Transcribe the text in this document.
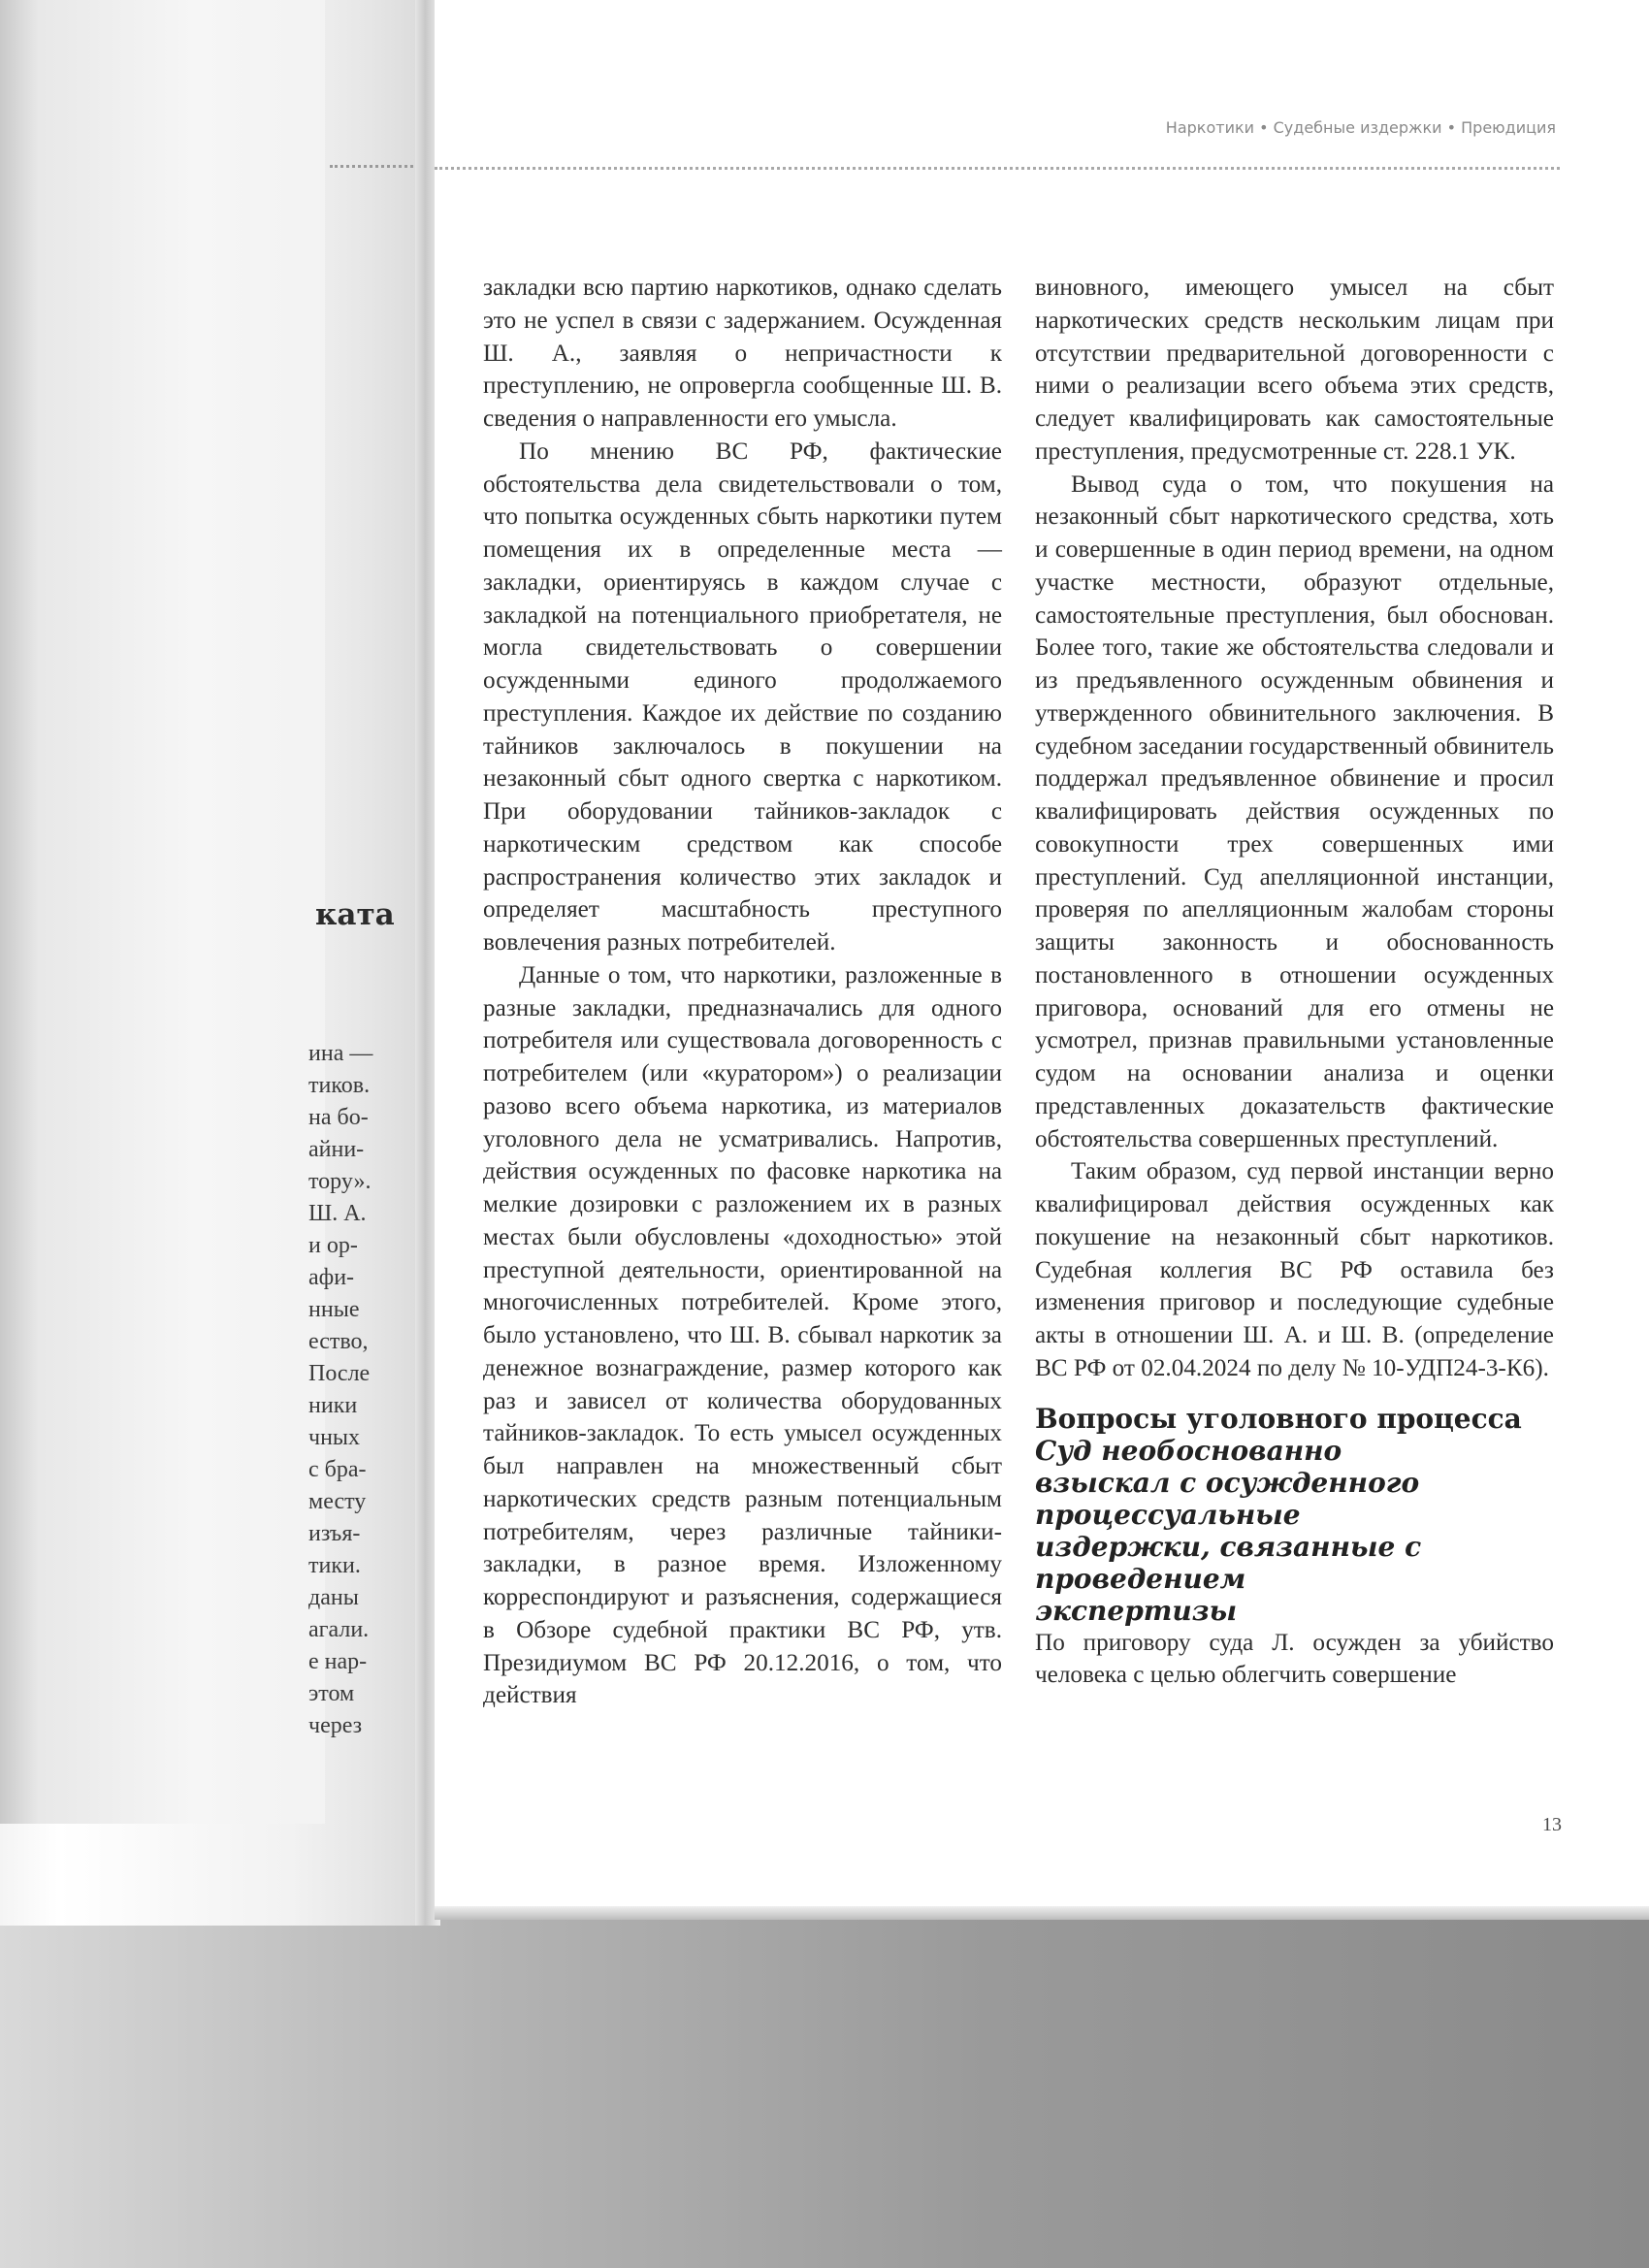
ката
ина —
тиков.
на бо-
айни-
тору».
Ш. А.
и ор-
афи-
нные
ество,
После
ники
чных
с бра-
месту
изъя-
тики.
даны
агали.
е нар-
этом
через
Наркотики • Судебные издержки • Преюдиция

закладки всю партию наркотиков, однако сделать это не успел в связи с задержанием. Осужденная Ш. А., заявляя о непричастности к преступлению, не опровергла сообщенные Ш. В. сведения о направленности его умысла.

По мнению ВС РФ, фактические обстоятельства дела свидетельствовали о том, что попытка осужденных сбыть наркотики путем помещения их в определенные места — закладки, ориентируясь в каждом случае с закладкой на потенциального приобретателя, не могла свидетельствовать о совершении осужденными единого продолжаемого преступления. Каждое их действие по созданию тайников заключалось в покушении на незаконный сбыт одного свертка с наркотиком. При оборудовании тайников-закладок с наркотическим средством как способе распространения количество этих закладок и определяет масштабность преступного вовлечения разных потребителей.

Данные о том, что наркотики, разложенные в разные закладки, предназначались для одного потребителя или существовала договоренность с потребителем (или «куратором») о реализации разово всего объема наркотика, из материалов уголовного дела не усматривались. Напротив, действия осужденных по фасовке наркотика на мелкие дозировки с разложением их в разных местах были обусловлены «доходностью» этой преступной деятельности, ориентированной на многочисленных потребителей. Кроме этого, было установлено, что Ш. В. сбывал наркотик за денежное вознаграждение, размер которого как раз и зависел от количества оборудованных тайников-закладок. То есть умысел осужденных был направлен на множественный сбыт наркотических средств разным потенциальным потребителям, через различные тайники-закладки, в разное время. Изложенному корреспондируют и разъяснения, содержащиеся в Обзоре судебной практики ВС РФ, утв. Президиумом ВС РФ 20.12.2016, о том, что действия

виновного, имеющего умысел на сбыт наркотических средств нескольким лицам при отсутствии предварительной договоренности с ними о реализации всего объема этих средств, следует квалифицировать как самостоятельные преступления, предусмотренные ст. 228.1 УК.

Вывод суда о том, что покушения на незаконный сбыт наркотического средства, хоть и совершенные в один период времени, на одном участке местности, образуют отдельные, самостоятельные преступления, был обоснован. Более того, такие же обстоятельства следовали и из предъявленного осужденным обвинения и утвержденного обвинительного заключения. В судебном заседании государственный обвинитель поддержал предъявленное обвинение и просил квалифицировать действия осужденных по совокупности трех совершенных ими преступлений. Суд апелляционной инстанции, проверяя по апелляционным жалобам стороны защиты законность и обоснованность постановленного в отношении осужденных приговора, оснований для его отмены не усмотрел, признав правильными установленные судом на основании анализа и оценки представленных доказательств фактические обстоятельства совершенных преступлений.

Таким образом, суд первой инстанции верно квалифицировал действия осужденных как покушение на незаконный сбыт наркотиков. Судебная коллегия ВС РФ оставила без изменения приговор и последующие судебные акты в отношении Ш. А. и Ш. В. (определение ВС РФ от 02.04.2024 по делу № 10-УДП24-3-К6).

Вопросы уголовного процесса
Суд необоснованно взыскал с осужденного процессуальные издержки, связанные с проведением экспертизы

По приговору суда Л. осужден за убийство человека с целью облегчить совершение

13
